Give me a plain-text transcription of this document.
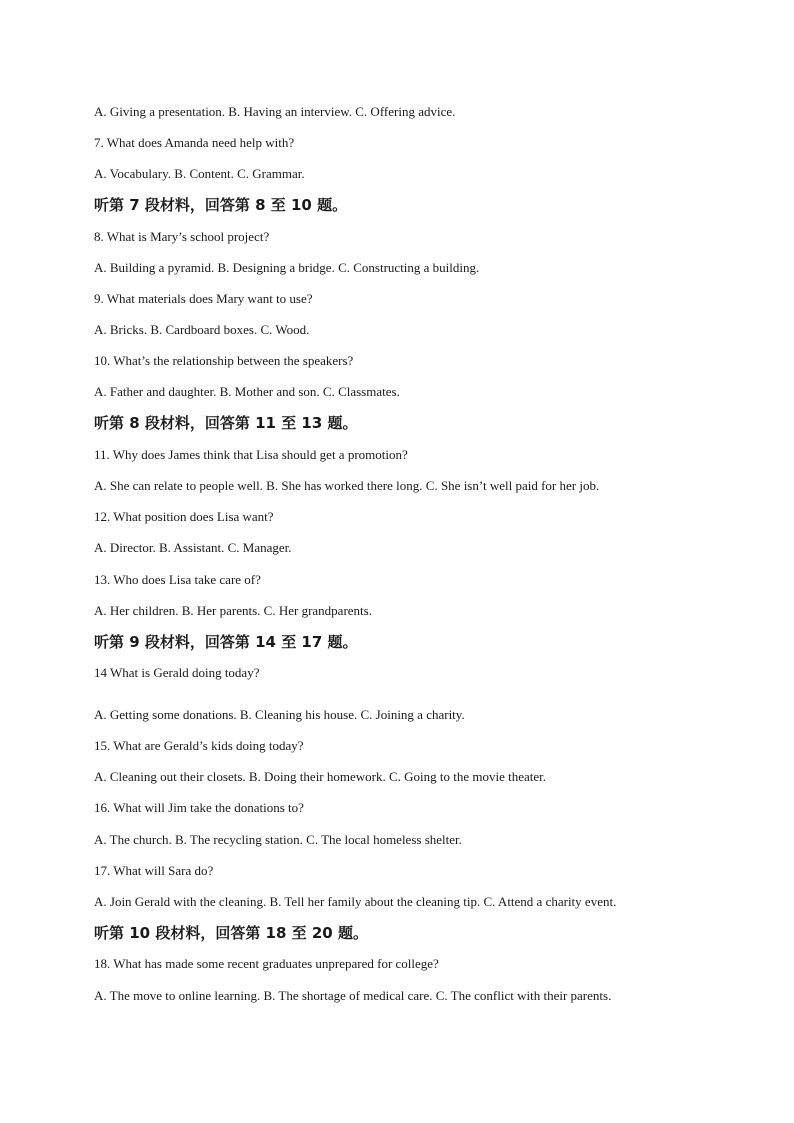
A. Giving a presentation. B. Having an interview. C. Offering advice.
7. What does Amanda need help with?
A. Vocabulary. B. Content. C. Grammar.
听第 7 段材料，回答第 8 至 10 题。
8. What is Mary’s school project?
A. Building a pyramid. B. Designing a bridge. C. Constructing a building.
9. What materials does Mary want to use?
A. Bricks. B. Cardboard boxes. C. Wood.
10. What’s the relationship between the speakers?
A. Father and daughter. B. Mother and son. C. Classmates.
听第 8 段材料，回答第 11 至 13 题。
11. Why does James think that Lisa should get a promotion?
A. She can relate to people well. B. She has worked there long. C. She isn’t well paid for her job.
12. What position does Lisa want?
A. Director. B. Assistant. C. Manager.
13. Who does Lisa take care of?
A. Her children. B. Her parents. C. Her grandparents.
听第 9 段材料，回答第 14 至 17 题。
14 What is Gerald doing today?
A. Getting some donations. B. Cleaning his house. C. Joining a charity.
15. What are Gerald’s kids doing today?
A. Cleaning out their closets. B. Doing their homework. C. Going to the movie theater.
16. What will Jim take the donations to?
A. The church. B. The recycling station. C. The local homeless shelter.
17. What will Sara do?
A. Join Gerald with the cleaning. B. Tell her family about the cleaning tip. C. Attend a charity event.
听第 10 段材料，回答第 18 至 20 题。
18. What has made some recent graduates unprepared for college?
A. The move to online learning. B. The shortage of medical care. C. The conflict with their parents.
